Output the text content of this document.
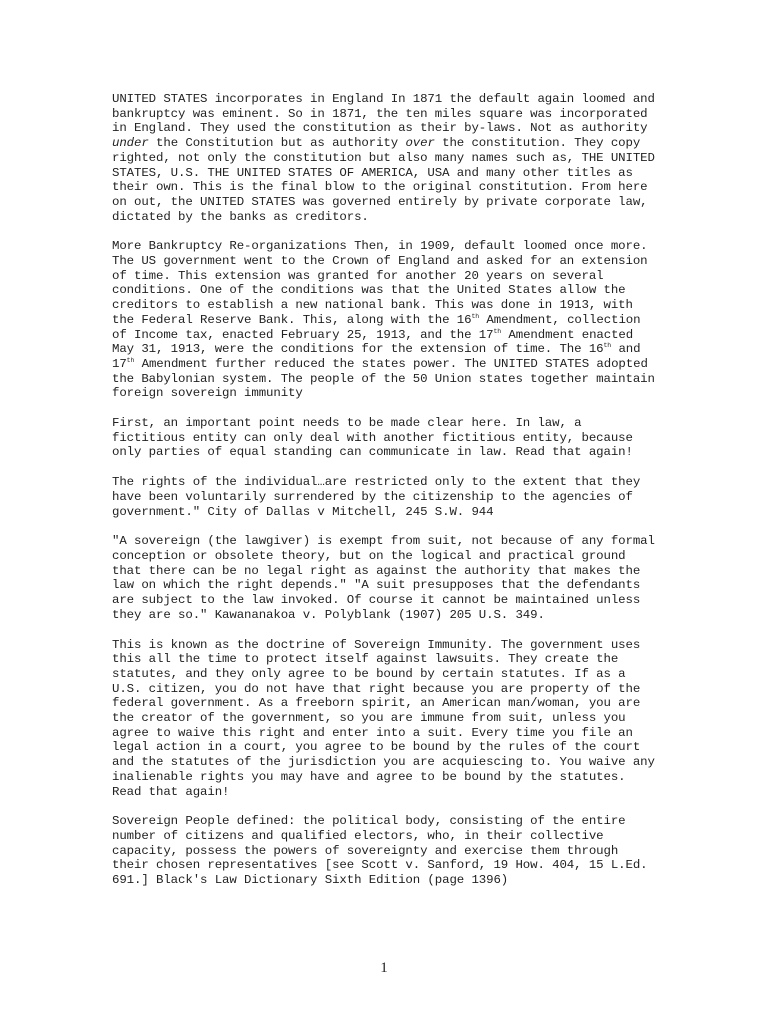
UNITED STATES incorporates in England In 1871 the default again loomed and bankruptcy was eminent. So in 1871, the ten miles square was incorporated in England. They used the constitution as their by-laws. Not as authority under the Constitution but as authority over the constitution. They copy righted, not only the constitution but also many names such as, THE UNITED STATES, U.S. THE UNITED STATES OF AMERICA, USA and many other titles as their own. This is the final blow to the original constitution. From here on out, the UNITED STATES was governed entirely by private corporate law, dictated by the banks as creditors.

More Bankruptcy Re-organizations Then, in 1909, default loomed once more. The US government went to the Crown of England and asked for an extension of time. This extension was granted for another 20 years on several conditions. One of the conditions was that the United States allow the creditors to establish a new national bank. This was done in 1913, with the Federal Reserve Bank. This, along with the 16th Amendment, collection of Income tax, enacted February 25, 1913, and the 17th Amendment enacted May 31, 1913, were the conditions for the extension of time. The 16th and 17th Amendment further reduced the states power. The UNITED STATES adopted the Babylonian system. The people of the 50 Union states together maintain foreign sovereign immunity

First, an important point needs to be made clear here. In law, a fictitious entity can only deal with another fictitious entity, because only parties of equal standing can communicate in law. Read that again!

The rights of the individual…are restricted only to the extent that they have been voluntarily surrendered by the citizenship to the agencies of government." City of Dallas v Mitchell, 245 S.W. 944

"A sovereign (the lawgiver) is exempt from suit, not because of any formal conception or obsolete theory, but on the logical and practical ground that there can be no legal right as against the authority that makes the law on which the right depends." "A suit presupposes that the defendants are subject to the law invoked. Of course it cannot be maintained unless they are so." Kawananakoa v. Polyblank (1907) 205 U.S. 349.

This is known as the doctrine of Sovereign Immunity. The government uses this all the time to protect itself against lawsuits. They create the statutes, and they only agree to be bound by certain statutes. If as a U.S. citizen, you do not have that right because you are property of the federal government. As a freeborn spirit, an American man/woman, you are the creator of the government, so you are immune from suit, unless you agree to waive this right and enter into a suit. Every time you file an legal action in a court, you agree to be bound by the rules of the court and the statutes of the jurisdiction you are acquiescing to. You waive any inalienable rights you may have and agree to be bound by the statutes. Read that again!

Sovereign People defined: the political body, consisting of the entire number of citizens and qualified electors, who, in their collective capacity, possess the powers of sovereignty and exercise them through their chosen representatives [see Scott v. Sanford, 19 How. 404, 15 L.Ed. 691.] Black's Law Dictionary Sixth Edition (page 1396)

1
